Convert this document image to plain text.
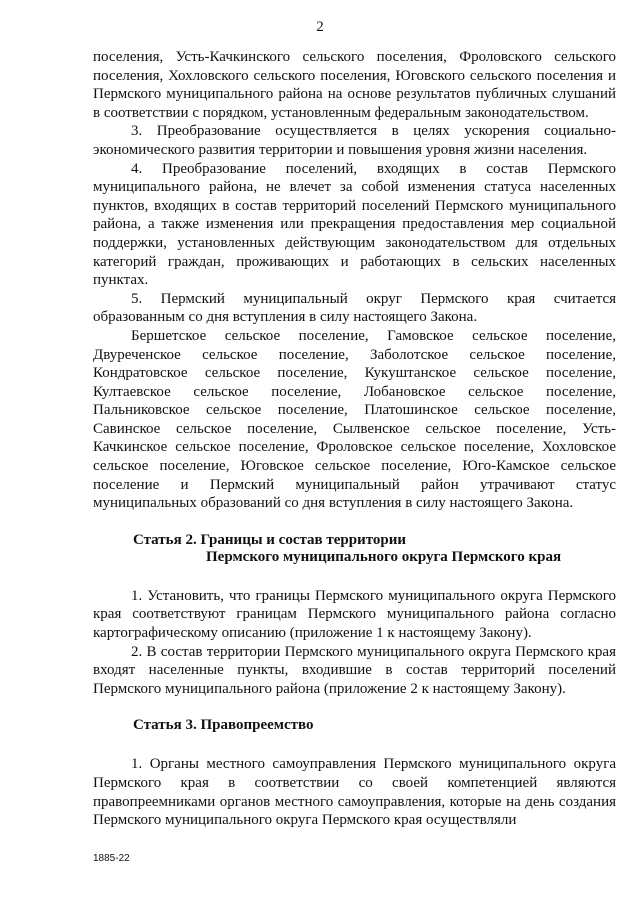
2

поселения, Усть-Качкинского сельского поселения, Фроловского сельского поселения, Хохловского сельского поселения, Юговского сельского поселения и Пермского муниципального района на основе результатов публичных слушаний в соответствии с порядком, установленным федеральным законодательством.

3. Преобразование осуществляется в целях ускорения социально-экономического развития территории и повышения уровня жизни населения.

4. Преобразование поселений, входящих в состав Пермского муниципального района, не влечет за собой изменения статуса населенных пунктов, входящих в состав территорий поселений Пермского муниципального района, а также изменения или прекращения предоставления мер социальной поддержки, установленных действующим законодательством для отдельных категорий граждан, проживающих и работающих в сельских населенных пунктах.

5. Пермский муниципальный округ Пермского края считается образованным со дня вступления в силу настоящего Закона.

Бершетское сельское поселение, Гамовское сельское поселение, Двуреченское сельское поселение, Заболотское сельское поселение, Кондратовское сельское поселение, Кукуштанское сельское поселение, Култаевское сельское поселение, Лобановское сельское поселение, Пальниковское сельское поселение, Платошинское сельское поселение, Савинское сельское поселение, Сылвенское сельское поселение, Усть-Качкинское сельское поселение, Фроловское сельское поселение, Хохловское сельское поселение, Юговское сельское поселение, Юго-Камское сельское поселение и Пермский муниципальный район утрачивают статус муниципальных образований со дня вступления в силу настоящего Закона.

Статья 2. Границы и состав территории
Пермского муниципального округа Пермского края

1. Установить, что границы Пермского муниципального округа Пермского края соответствуют границам Пермского муниципального района согласно картографическому описанию (приложение 1 к настоящему Закону).

2. В состав территории Пермского муниципального округа Пермского края входят населенные пункты, входившие в состав территорий поселений Пермского муниципального района (приложение 2 к настоящему Закону).

Статья 3. Правопреемство

1. Органы местного самоуправления Пермского муниципального округа Пермского края в соответствии со своей компетенцией являются правопреемниками органов местного самоуправления, которые на день создания Пермского муниципального округа Пермского края осуществляли

1885-22
